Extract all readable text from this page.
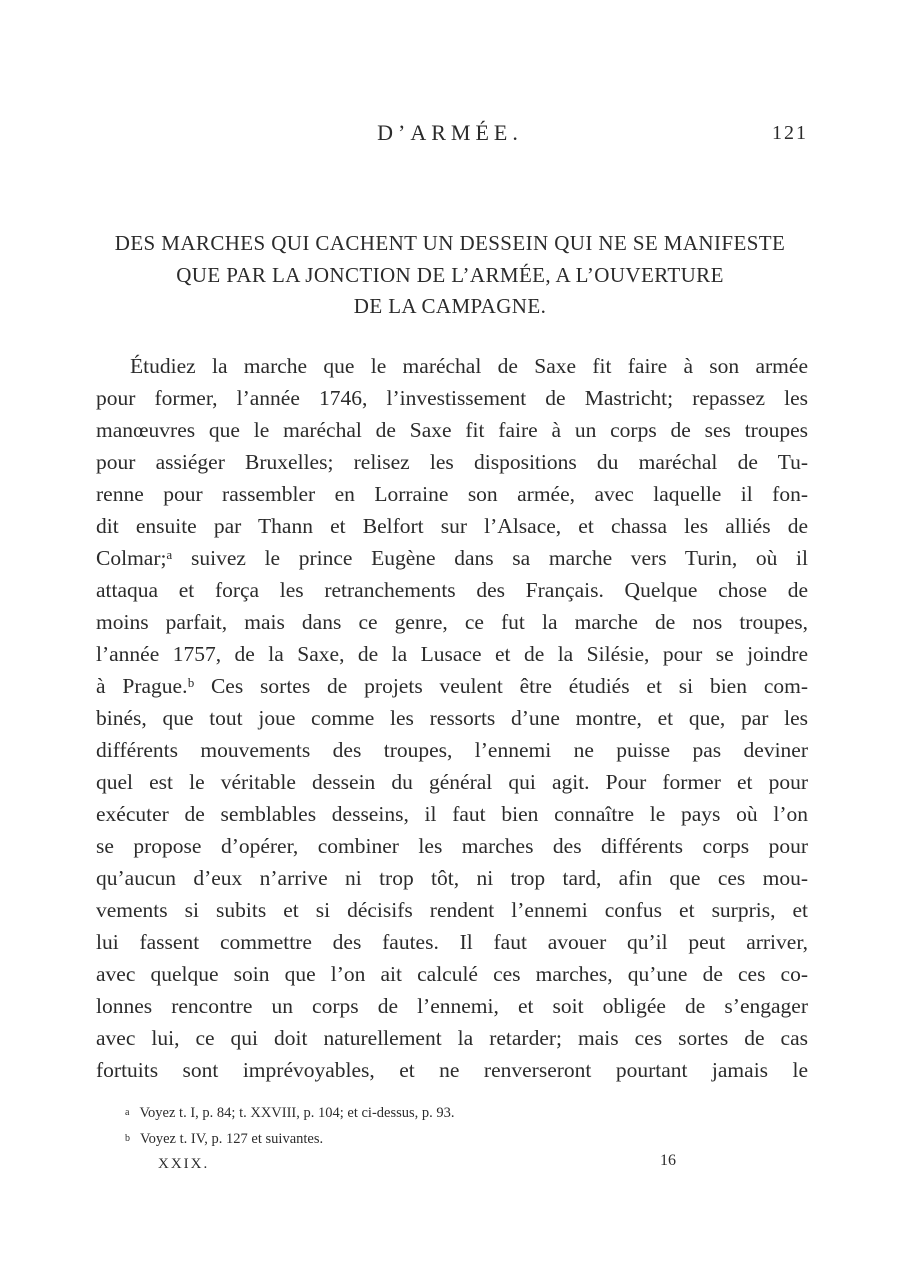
D’ARMÉE.	121
DES MARCHES QUI CACHENT UN DESSEIN QUI NE SE MANIFESTE
QUE PAR LA JONCTION DE L’ARMÉE, A L’OUVERTURE
DE LA CAMPAGNE.
Étudiez la marche que le maréchal de Saxe fit faire à son armée
pour former, l’année 1746, l’investissement de Mastricht; repassez les
manœuvres que le maréchal de Saxe fit faire à un corps de ses troupes
pour assiéger Bruxelles; relisez les dispositions du maréchal de Tu-
renne pour rassembler en Lorraine son armée, avec laquelle il fon-
dit ensuite par Thann et Belfort sur l’Alsace, et chassa les alliés de
Colmar;ᵃ suivez le prince Eugène dans sa marche vers Turin, où il
attaqua et força les retranchements des Français. Quelque chose de
moins parfait, mais dans ce genre, ce fut la marche de nos troupes,
l’année 1757, de la Saxe, de la Lusace et de la Silésie, pour se joindre
à Prague.ᵇ Ces sortes de projets veulent être étudiés et si bien com-
binés, que tout joue comme les ressorts d’une montre, et que, par les
différents mouvements des troupes, l’ennemi ne puisse pas deviner
quel est le véritable dessein du général qui agit. Pour former et pour
exécuter de semblables desseins, il faut bien connaître le pays où l’on
se propose d’opérer, combiner les marches des différents corps pour
qu’aucun d’eux n’arrive ni trop tôt, ni trop tard, afin que ces mou-
vements si subits et si décisifs rendent l’ennemi confus et surpris, et
lui fassent commettre des fautes. Il faut avouer qu’il peut arriver,
avec quelque soin que l’on ait calculé ces marches, qu’une de ces co-
lonnes rencontre un corps de l’ennemi, et soit obligée de s’engager
avec lui, ce qui doit naturellement la retarder; mais ces sortes de cas
fortuits sont imprévoyables, et ne renverseront pourtant jamais le
a Voyez t. I, p. 84; t. XXVIII, p. 104; et ci-dessus, p. 93.
b Voyez t. IV, p. 127 et suivantes.
XXIX.	16
